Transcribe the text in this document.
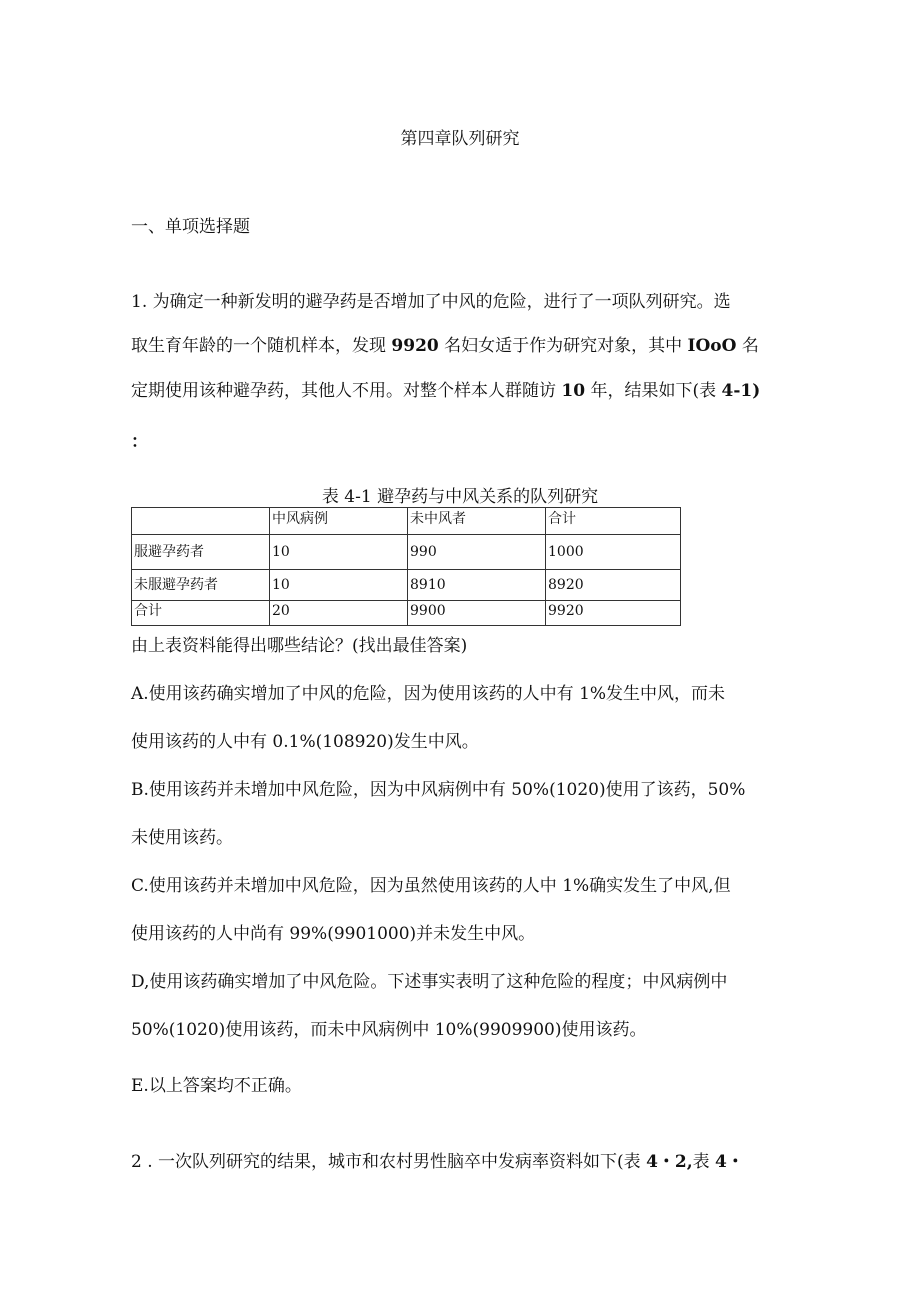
第四章队列研究
一、单项选择题
1. 为确定一种新发明的避孕药是否增加了中风的危险，进行了一项队列研究。选
取生育年龄的一个随机样本，发现 9920 名妇女适于作为研究对象，其中 IOoO 名
定期使用该种避孕药，其他人不用。对整个样本人群随访 10 年，结果如下(表 4-1)
：
表 4-1 避孕药与中风关系的队列研究
	中风病例	未中风者	合计
服避孕药者	10	990	1000
未服避孕药者	10	8910	8920
合计	20	9900	9920
由上表资料能得出哪些结论？(找出最佳答案)
A.使用该药确实增加了中风的危险，因为使用该药的人中有 1%发生中风，而未
使用该药的人中有 0.1%(108920)发生中风。
B.使用该药并未增加中风危险，因为中风病例中有 50%(1020)使用了该药，50%
未使用该药。
C.使用该药并未增加中风危险，因为虽然使用该药的人中 1%确实发生了中风,但
使用该药的人中尚有 99%(9901000)并未发生中风。
D,使用该药确实增加了中风危险。下述事实表明了这种危险的程度；中风病例中
50%(1020)使用该药，而未中风病例中 10%(9909900)使用该药。
E.以上答案均不正确。
2 . 一次队列研究的结果，城市和农村男性脑卒中发病率资料如下(表 4・2,表 4・
